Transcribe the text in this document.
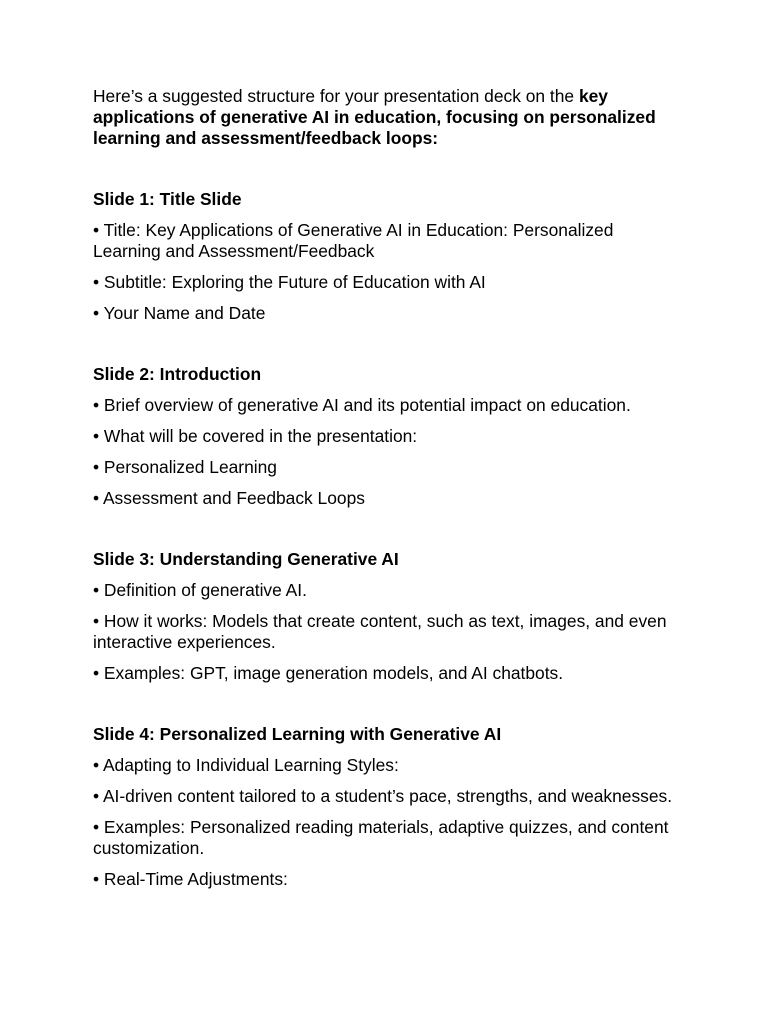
Here’s a suggested structure for your presentation deck on the key applications of generative AI in education, focusing on personalized learning and assessment/feedback loops:

Slide 1: Title Slide
• Title: Key Applications of Generative AI in Education: Personalized Learning and Assessment/Feedback
• Subtitle: Exploring the Future of Education with AI
• Your Name and Date
Slide 2: Introduction
• Brief overview of generative AI and its potential impact on education.
• What will be covered in the presentation:
• Personalized Learning
• Assessment and Feedback Loops
Slide 3: Understanding Generative AI
• Definition of generative AI.
• How it works: Models that create content, such as text, images, and even interactive experiences.
• Examples: GPT, image generation models, and AI chatbots.
Slide 4: Personalized Learning with Generative AI
• Adapting to Individual Learning Styles:
• AI-driven content tailored to a student’s pace, strengths, and weaknesses.
• Examples: Personalized reading materials, adaptive quizzes, and content customization.
• Real-Time Adjustments:
